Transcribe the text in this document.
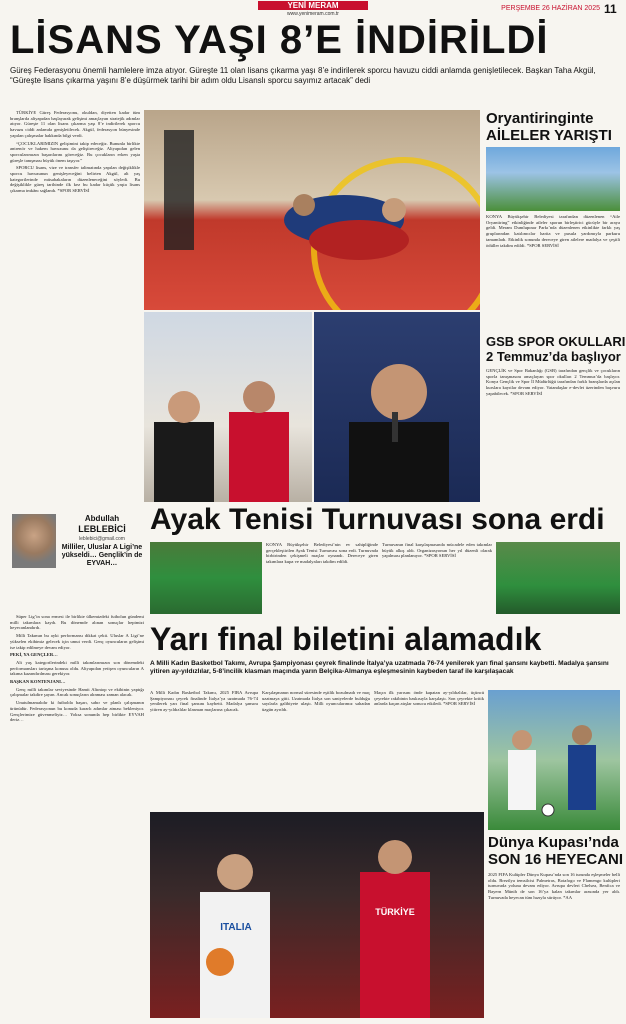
YENİ MERAM
www.yenimeram.com.tr
PERŞEMBE 26 HAZİRAN 2025 11
LİSANS YAŞI 8’E İNDİRİLDİ
Güreş Federasyonu önemli hamlelere imza atıyor. Güreşte 11 olan lisans çıkarma yaşı 8’e indirilerek sporcu havuzu ciddi anlamda genişletilecek. Başkan Taha Akgül, “Güreşte lisans çıkarma yaşını 8’e düşürmek tarihi bir adım oldu Lisanslı sporcu sayımız artacak” dedi

TÜRKİYE Güreş Federasyonu, okuldan, diyetten kadar tüm branşlarda altyapıdan başlayarak gelişimi amaçlayan stratejik adımlar atıyor. Güreşte 11 olan lisans çıkarma yaşı 8’e indirilerek sporcu havuzu ciddi anlamda genişletilecek. Akgül, federasyon bünyesinde yapılan çalışmalar hakkında bilgi verdi.

“ÇOCUKLARIMIZIN gelişimini takip edeceğiz. Bununla birlikte antrenör ve hakem havuzunu da geliştireceğiz. Altyapıdan gelen sporcularımızın başarılarını göreceğiz. Bu çocukların erken yaşta güreşle tanışması büyük önem taşıyor.”

SPORCU lisans, vize ve transfer talimatında yapılan değişiklikle sporcu havuzunun genişleyeceğini belirten Akgül, alt yaş kategorilerinde müsabakaların düzenleneceğini söyledi. Bu değişiklikle güreş tarihinde ilk kez bu kadar küçük yaşta lisans çıkarma imkânı sağlandı. *SPOR SERVİSİ

Oryantiringinte
AİLELER YARIŞTI
KONYA Büyükşehir Belediyesi tarafından düzenlenen “Aile Oryantiring” etkinliğinde aileler sporun birleştirici gücüyle bir araya geldi. Meram Dumlupınar Parkı’nda düzenlenen etkinlikte farklı yaş gruplarından katılımcılar harita ve pusula yardımıyla parkuru tamamladı. Etkinlik sonunda dereceye giren ailelere madalya ve çeşitli ödüller takdim edildi. *SPOR SERVİSİ
GSB SPOR OKULLARI
2 Temmuz’da başlıyor
GENÇLİK ve Spor Bakanlığı (GSB) tarafından gençlik ve çocukların sporla tanışmasını amaçlayan spor okulları 2 Temmuz’da başlıyor. Konya Gençlik ve Spor İl Müdürlüğü tarafından farklı branşlarda açılan kurslara kayıtlar devam ediyor. Vatandaşlar e-devlet üzerinden başvuru yapabilecek. *SPOR SERVİSİ
Ayak Tenisi Turnuvası sona erdi
KONYA Büyükşehir Belediyesi’nin ev sahipliğinde gerçekleştirilen Ayak Tenisi Turnuvası sona erdi. Turnuvada birbirinden çekişmeli maçlar oynandı. Dereceye giren takımlara kupa ve madalyaları takdim edildi.
Turnuvanın final karşılaşmasında mücadele eden takımlar büyük alkış aldı. Organizasyonun her yıl düzenli olarak yapılması planlanıyor. *SPOR SERVİSİ
Abdullah
LEBLEBİCİ
leblebici@gmail.com
Milliler, Uluslar A Ligi’ne yükseldi… Gençlik’in de EYVAH…

Süper Lig’in sona ermesi ile birlikte ülkemizdeki futbolun gündemi milli takımlara kaydı. Bu dönemde alınan sonuçlar hepimizi heyecanlandırdı.

Milli Takımın bu ayki performansı dikkat çekti. Uluslar A Ligi’ne yükselen ekibimiz gelecek için umut verdi. Genç oyuncuların gelişimi ise takip edilmeye devam ediyor.

PEKİ, YA GENÇLER…

Alt yaş kategorilerindeki milli takımlarımızın son dönemdeki performansları tartışma konusu oldu. Altyapıdan yetişen oyuncuların A takıma kazandırılması gerekiyor.

BAŞKAN KONTENJANI…

Genç milli takımlar seviyesinde Hamit Altıntop ve ekibinin yaptığı çalışmalar takdire şayan. Ancak sonuçların alınması zaman alacak.

Unutulmamalıdır ki futbolda başarı, sabır ve planlı çalışmanın ürünüdür. Federasyonun bu konuda kararlı adımlar atması bekleniyor. Gençlerimize güvenmeliyiz… Yoksa sonunda hep birlikte EYVAH deriz…

Yarı final biletini alamadık
A Milli Kadın Basketbol Takımı, Avrupa Şampiyonası çeyrek finalinde İtalya’ya uzatmada 76-74 yenilerek yarı final şansını kaybetti. Madalya şansını yitiren ay-yıldızlılar, 5-8’incilik klasman maçında yarın Belçika-Almanya eşleşmesinin kaybeden taraf ile karşılaşacak
A Milli Kadın Basketbol Takımı, 2025 FIBA Avrupa Şampiyonası çeyrek finalinde İtalya’ya uzatmada 76-74 yenilerek yarı final şansını kaybetti. Madalya şansını yitiren ay-yıldızlılar klasman maçlarına çıkacak.
Karşılaşmanın normal süresinde eşitlik bozulmadı ve maç uzatmaya gitti. Uzatmada İtalya son saniyelerde bulduğu sayılarla galibiyete ulaştı. Milli oyuncularımız sahadan üzgün ayrıldı.
Maçın ilk yarısını önde kapatan ay-yıldızlılar, üçüncü çeyrekte rakibinin baskısıyla karşılaştı. Son çeyrekte kritik anlarda kaçan atışlar sonucu etkiledi. *SPOR SERVİSİ
ITALIA
TÜRKİYE
Dünya Kupası’nda
SON 16 HEYECANI
2025 FIFA Kulüpler Dünya Kupası’nda son 16 turunda eşleşmeler belli oldu. Brezilya temsilcisi Palmeiras, Botafogo ve Flamengo kulüpleri turnuvada yoluna devam ediyor. Avrupa devleri Chelsea, Benfica ve Bayern Münih de son 16’ya kalan takımlar arasında yer aldı. Turnuvada heyecan tüm hızıyla sürüyor. *AA
